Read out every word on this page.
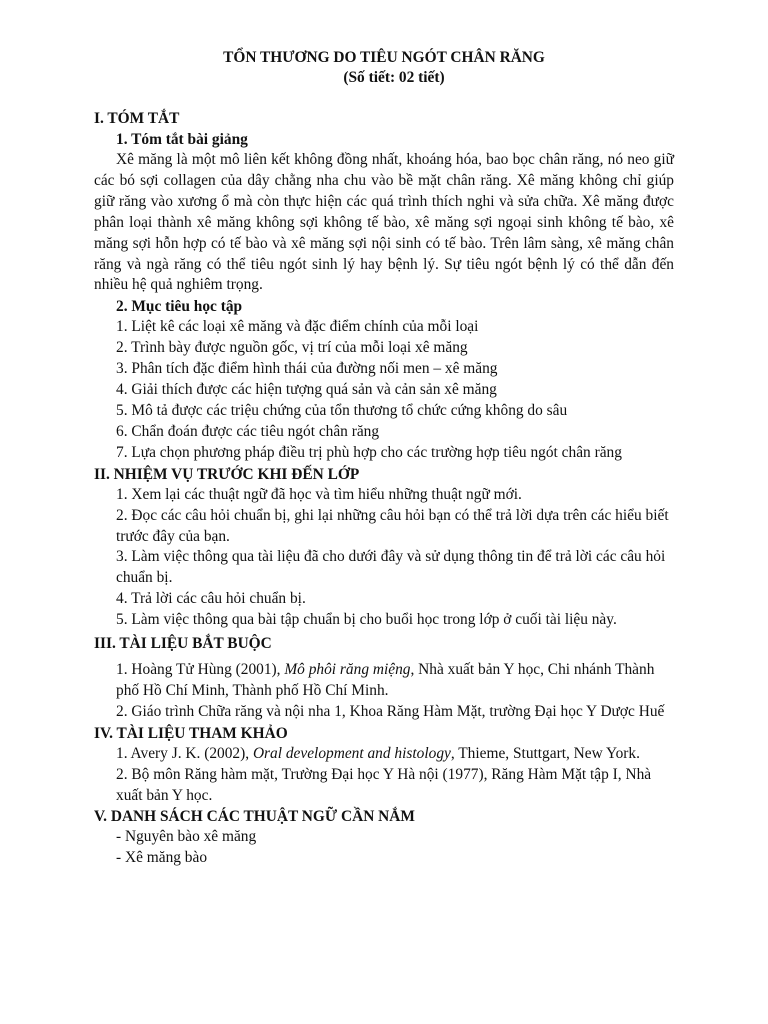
TỔN THƯƠNG DO TIÊU NGÓT CHÂN RĂNG

(Số tiết: 02 tiết)

I. TÓM TẮT
1. Tóm tắt bài giảng

Xê măng là một mô liên kết không đồng nhất, khoáng hóa, bao bọc chân răng, nó neo giữ các bó sợi collagen của dây chằng nha chu vào bề mặt chân răng. Xê măng không chỉ giúp giữ răng vào xương ổ mà còn thực hiện các quá trình thích nghi và sửa chữa. Xê măng được phân loại thành xê măng không sợi không tế bào, xê măng sợi ngoại sinh không tế bào, xê măng sợi hỗn hợp có tế bào và xê măng sợi nội sinh có tế bào. Trên lâm sàng, xê măng chân răng và ngà răng có thể tiêu ngót sinh lý hay bệnh lý. Sự tiêu ngót bệnh lý có thể dẫn đến nhiều hệ quả nghiêm trọng.

2. Mục tiêu học tập

1. Liệt kê các loại xê măng và đặc điểm chính của mỗi loại

2. Trình bày được nguồn gốc, vị trí của mỗi loại xê măng

3. Phân tích đặc điểm hình thái của đường nối men – xê măng

4. Giải thích được các hiện tượng quá sản và cản sản xê măng

5. Mô tả được các triệu chứng của tổn thương tổ chức cứng không do sâu

6. Chẩn đoán được các tiêu ngót chân răng

7. Lựa chọn phương pháp điều trị phù hợp cho các trường hợp tiêu ngót chân răng

II. NHIỆM VỤ TRƯỚC KHI ĐẾN LỚP

1. Xem lại các thuật ngữ đã học và tìm hiểu những thuật ngữ mới.

2. Đọc các câu hỏi chuẩn bị, ghi lại những câu hỏi bạn có thể trả lời dựa trên các hiểu biết trước đây của bạn.

3. Làm việc thông qua tài liệu đã cho dưới đây và sử dụng thông tin để trả lời các câu hỏi chuẩn bị.

4. Trả lời các câu hỏi chuẩn bị.

5. Làm việc thông qua bài tập chuẩn bị cho buổi học trong lớp ở cuối tài liệu này.

III. TÀI LIỆU BẮT BUỘC

1. Hoàng Tử Hùng (2001), Mô phôi răng miệng, Nhà xuất bản Y học, Chi nhánh Thành phố Hồ Chí Minh, Thành phố Hồ Chí Minh.

2. Giáo trình Chữa răng và nội nha 1, Khoa Răng Hàm Mặt, trường Đại học Y Dược Huế

IV. TÀI LIỆU THAM KHẢO

1. Avery J. K. (2002), Oral development and histology, Thieme, Stuttgart, New York.

2. Bộ môn Răng hàm mặt, Trường Đại học Y Hà nội (1977), Răng Hàm Mặt tập I, Nhà xuất bản Y học.

V. DANH SÁCH CÁC THUẬT NGỮ CẦN NẮM

- Nguyên bào xê măng

- Xê măng bào
